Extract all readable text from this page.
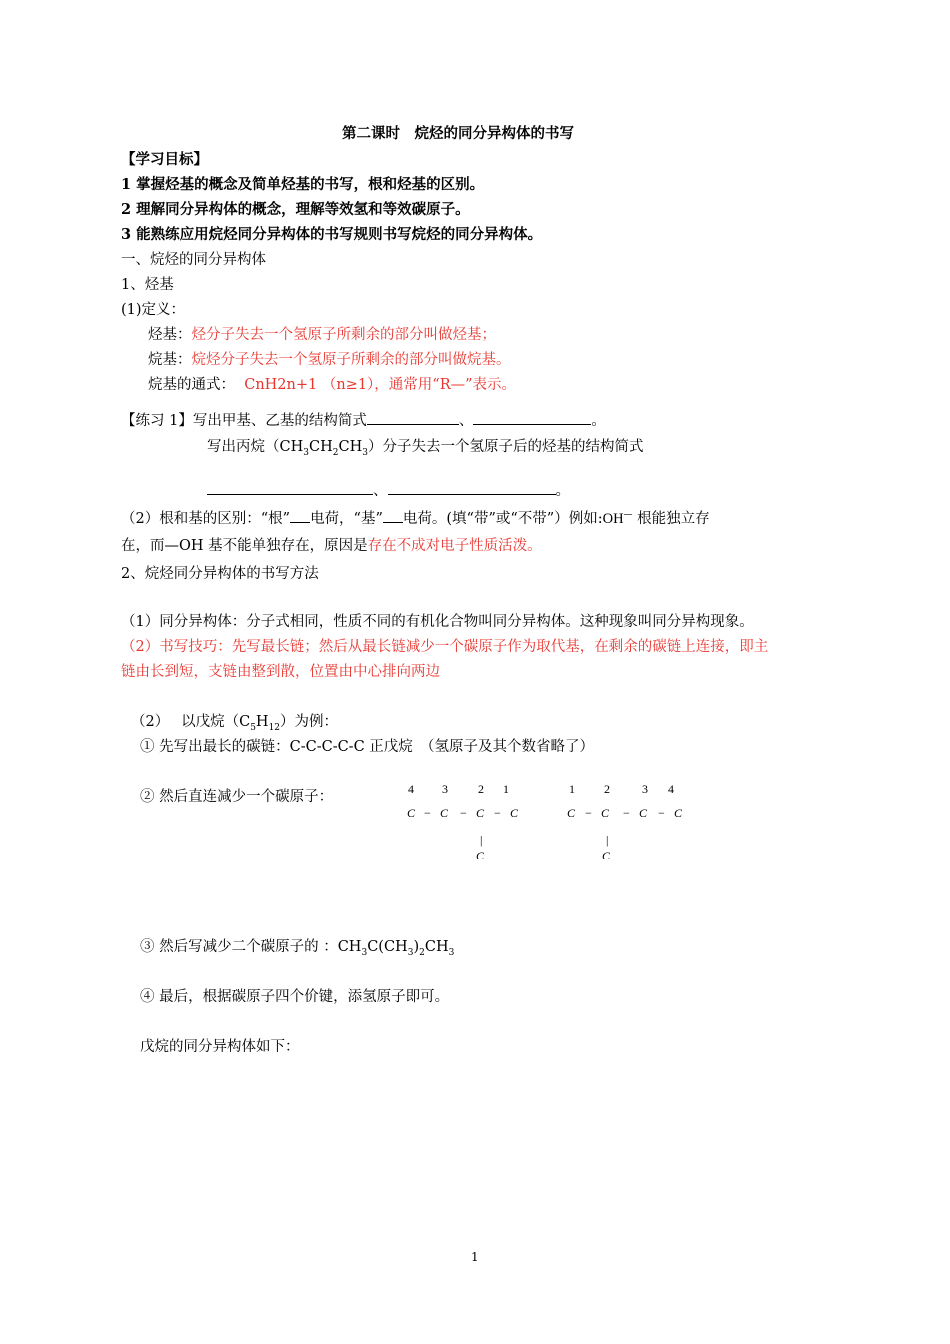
第二课时　烷烃的同分异构体的书写
【学习目标】
1 掌握烃基的概念及简单烃基的书写，根和烃基的区别。
2 理解同分异构体的概念，理解等效氢和等效碳原子。
3 能熟练应用烷烃同分异构体的书写规则书写烷烃的同分异构体。
一、烷烃的同分异构体
1、烃基
(1)定义：
烃基：烃分子失去一个氢原子所剩余的部分叫做烃基；
烷基：烷烃分子失去一个氢原子所剩余的部分叫做烷基。
烷基的通式： CnH2n+1 （n≥1），通常用“R—”表示。
【练习 1】写出甲基、乙基的结构简式	、	。
写出丙烷$(CH_3CH_2CH_3)$分子失去一个氢原子后的烃基的结构简式
、	。
（2）根和基的区别：“根” 电荷，“基” 电荷。(填“带”或“不带”）例如:OH— 根能独立存
在，而—OH 基不能单独存在，原因是存在不成对电子性质活泼。
2、烷烃同分异构体的书写方法
（1）同分异构体：分子式相同，性质不同的有机化合物叫同分异构体。这种现象叫同分异构现象。
（2）书写技巧：先写最长链；然后从最长链减少一个碳原子作为取代基，在剩余的碳链上连接，即主
链由长到短，支链由整到散，位置由中心排向两边
（2）　 以戊烷$(C_5H_{12})$为例：
① 先写出最长的碳链：C-C-C-C-C 正戊烷　（氢原子及其个数省略了）
② 然后直连减少一个碳原子：	4 3	2 1
C − C − C − C
|
C
1 2	3 4
C − C − C − C
|
C
③ 然后写减少二个碳原子的 ：$CH_3C(CH_3)_2CH_3$
④ 最后，根据碳原子四个价键，添氢原子即可。
戊烷的同分异构体如下：
1
